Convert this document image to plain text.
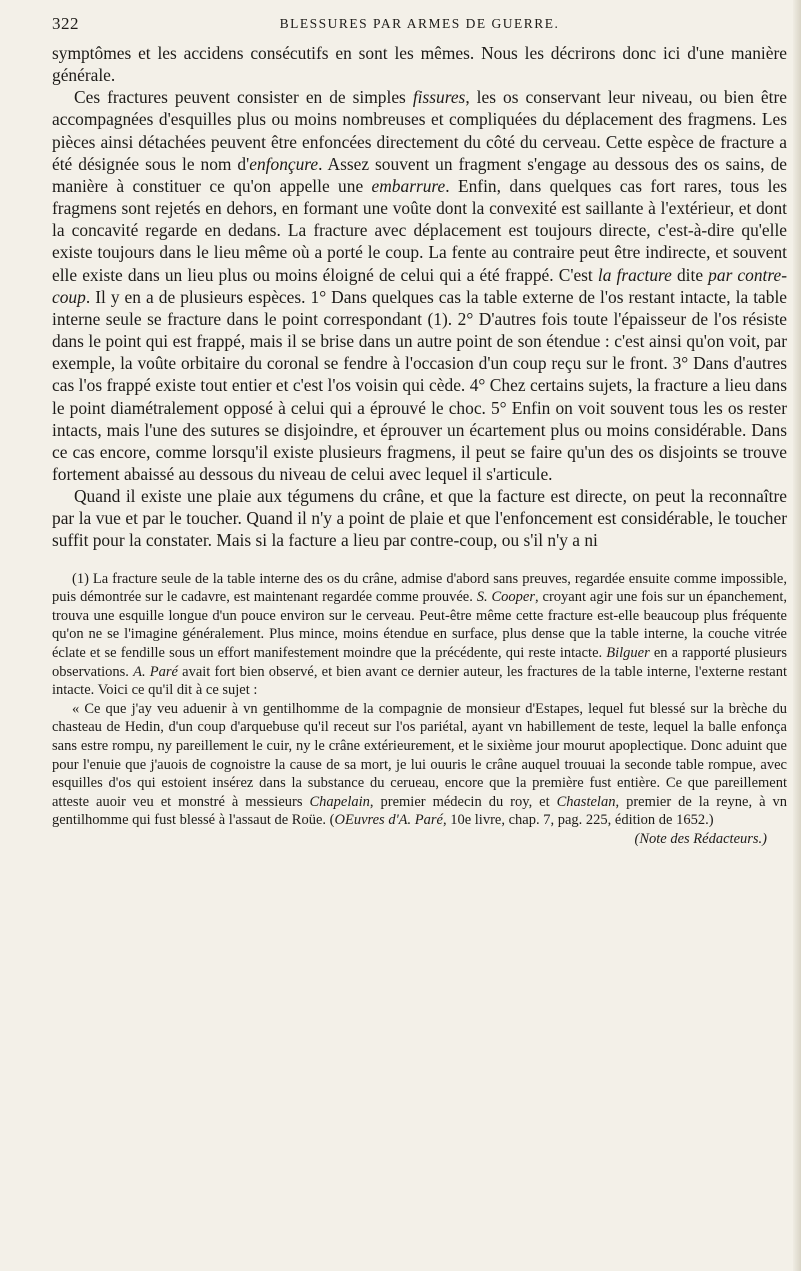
322	BLESSURES PAR ARMES DE GUERRE.

symptômes et les accidens consécutifs en sont les mêmes. Nous les décrirons donc ici d'une manière générale.

Ces fractures peuvent consister en de simples fissures, les os conservant leur niveau, ou bien être accompagnées d'esquilles plus ou moins nombreuses et compliquées du déplacement des fragmens. Les pièces ainsi détachées peuvent être enfoncées directement du côté du cerveau. Cette espèce de fracture a été désignée sous le nom d'enfonçure. Assez souvent un fragment s'engage au dessous des os sains, de manière à constituer ce qu'on appelle une embarrure. Enfin, dans quelques cas fort rares, tous les fragmens sont rejetés en dehors, en formant une voûte dont la convexité est saillante à l'extérieur, et dont la concavité regarde en dedans. La fracture avec déplacement est toujours directe, c'est-à-dire qu'elle existe toujours dans le lieu même où a porté le coup. La fente au contraire peut être indirecte, et souvent elle existe dans un lieu plus ou moins éloigné de celui qui a été frappé. C'est la fracture dite par contre-coup. Il y en a de plusieurs espèces. 1° Dans quelques cas la table externe de l'os restant intacte, la table interne seule se fracture dans le point correspondant (1). 2° D'autres fois toute l'épaisseur de l'os résiste dans le point qui est frappé, mais il se brise dans un autre point de son étendue : c'est ainsi qu'on voit, par exemple, la voûte orbitaire du coronal se fendre à l'occasion d'un coup reçu sur le front. 3° Dans d'autres cas l'os frappé existe tout entier et c'est l'os voisin qui cède. 4° Chez certains sujets, la fracture a lieu dans le point diamétralement opposé à celui qui a éprouvé le choc. 5° Enfin on voit souvent tous les os rester intacts, mais l'une des sutures se disjoindre, et éprouver un écartement plus ou moins considérable. Dans ce cas encore, comme lorsqu'il existe plusieurs fragmens, il peut se faire qu'un des os disjoints se trouve fortement abaissé au dessous du niveau de celui avec lequel il s'articule.

Quand il existe une plaie aux tégumens du crâne, et que la facture est directe, on peut la reconnaître par la vue et par le toucher. Quand il n'y a point de plaie et que l'enfoncement est considérable, le toucher suffit pour la constater. Mais si la facture a lieu par contre-coup, ou s'il n'y a ni

(1) La fracture seule de la table interne des os du crâne, admise d'abord sans preuves, regardée ensuite comme impossible, puis démontrée sur le cadavre, est maintenant regardée comme prouvée. S. Cooper, croyant agir une fois sur un épanchement, trouva une esquille longue d'un pouce environ sur le cerveau. Peut-être même cette fracture est-elle beaucoup plus fréquente qu'on ne se l'imagine généralement. Plus mince, moins étendue en surface, plus dense que la table interne, la couche vitrée éclate et se fendille sous un effort manifestement moindre que la précédente, qui reste intacte. Bilguer en a rapporté plusieurs observations. A. Paré avait fort bien observé, et bien avant ce dernier auteur, les fractures de la table interne, l'externe restant intacte. Voici ce qu'il dit à ce sujet :

« Ce que j'ay veu aduenir à vn gentilhomme de la compagnie de monsieur d'Estapes, lequel fut blessé sur la brèche du chasteau de Hedin, d'un coup d'arquebuse qu'il receut sur l'os pariétal, ayant vn habillement de teste, lequel la balle enfonça sans estre rompu, ny pareillement le cuir, ny le crâne extérieurement, et le sixième jour mourut apoplectique. Donc aduint que pour l'enuie que j'auois de cognoistre la cause de sa mort, je lui ouuris le crâne auquel trouuai la seconde table rompue, avec esquilles d'os qui estoient insérez dans la substance du cerueau, encore que la première fust entière. Ce que pareillement atteste auoir veu et monstré à messieurs Chapelain, premier médecin du roy, et Chastelan, premier de la reyne, à vn gentilhomme qui fust blessé à l'assaut de Roüe. (OEuvres d'A. Paré, 10e livre, chap. 7, pag. 225, édition de 1652.)

(Note des Rédacteurs.)
